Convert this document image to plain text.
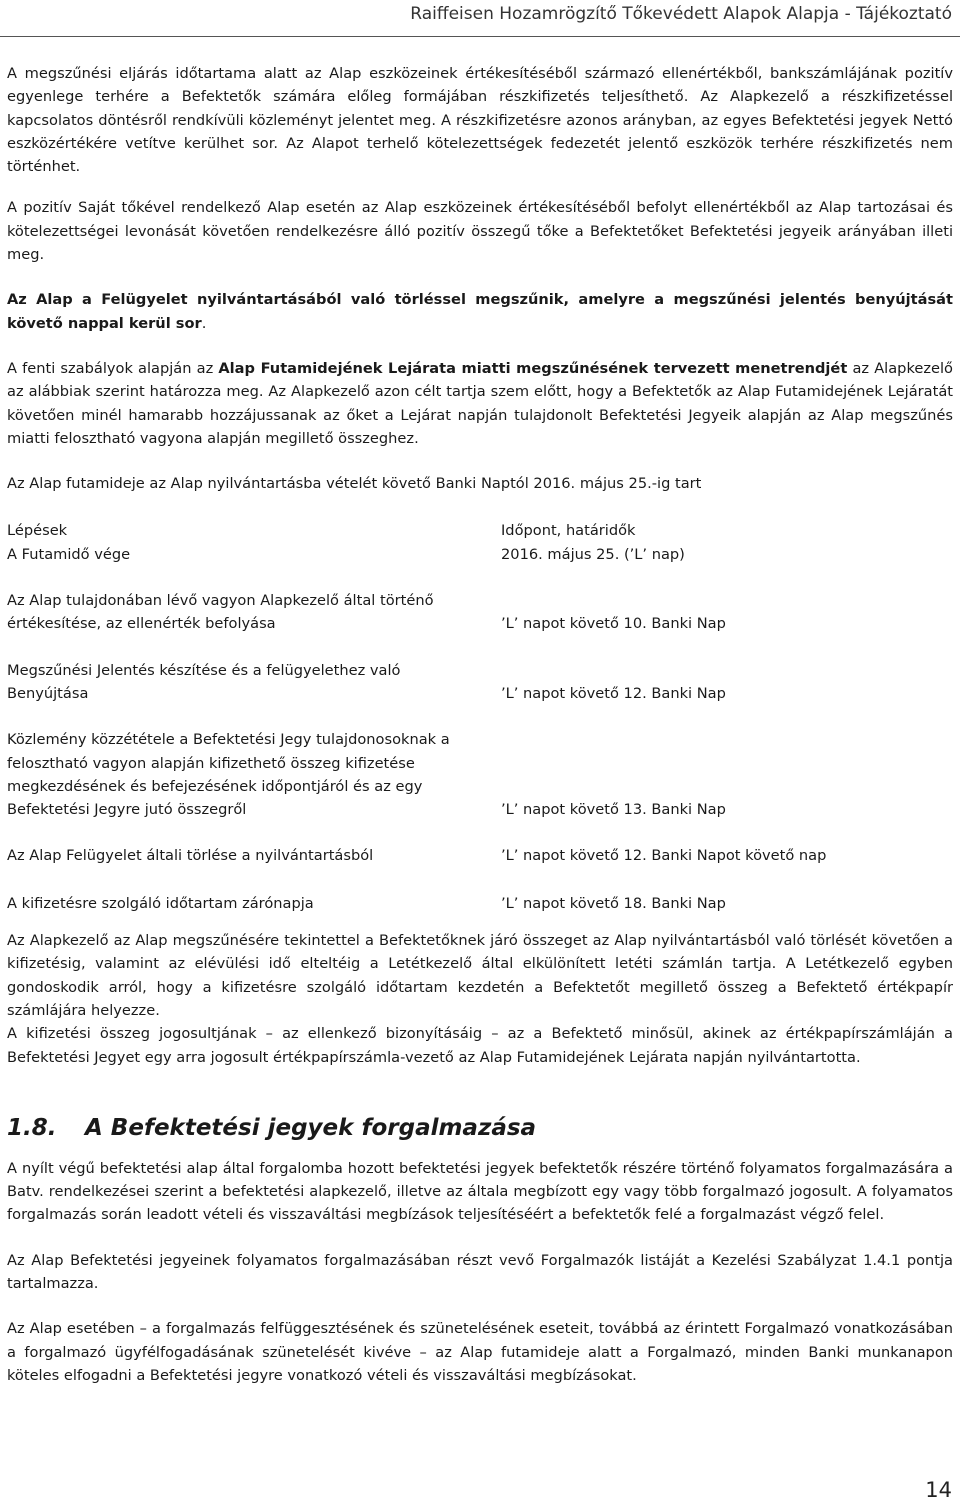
Raiffeisen Hozamrögzítő Tőkevédett Alapok Alapja - Tájékoztató

A megszűnési eljárás időtartama alatt az Alap eszközeinek értékesítéséből származó ellenértékből, bankszámlájának pozitív egyenlege terhére a Befektetők számára előleg formájában részkifizetés teljesíthető. Az Alapkezelő a részkifizetéssel kapcsolatos döntésről rendkívüli közleményt jelentet meg. A részkifizetésre azonos arányban, az egyes Befektetési jegyek Nettó eszközértékére vetítve kerülhet sor. Az Alapot terhelő kötelezettségek fedezetét jelentő eszközök terhére részkifizetés nem történhet.

A pozitív Saját tőkével rendelkező Alap esetén az Alap eszközeinek értékesítéséből befolyt ellenértékből az Alap tartozásai és kötelezettségei levonását követően rendelkezésre álló pozitív összegű tőke a Befektetőket Befektetési jegyeik arányában illeti meg.

Az Alap a Felügyelet nyilvántartásából való törléssel megszűnik, amelyre a megszűnési jelentés benyújtását követő nappal kerül sor.

A fenti szabályok alapján az Alap Futamidejének Lejárata miatti megszűnésének tervezett menetrendjét az Alapkezelő az alábbiak szerint határozza meg. Az Alapkezelő azon célt tartja szem előtt, hogy a Befektetők az Alap Futamidejének Lejáratát követően minél hamarabb hozzájussanak az őket a Lejárat napján tulajdonolt Befektetési Jegyeik alapján az Alap megszűnés miatti felosztható vagyona alapján megillető összeghez.

Az Alap futamideje az Alap nyilvántartásba vételét követő Banki Naptól 2016. május 25.-ig tart

Lépések	Időpont, határidők
A Futamidő vége	2016. május 25. (’L’ nap)
Az Alap tulajdonában lévő vagyon Alapkezelő által történő értékesítése, az ellenérték befolyása	’L’ napot követő 10. Banki Nap
Megszűnési Jelentés készítése és a felügyelethez való Benyújtása	’L’ napot követő 12. Banki Nap
Közlemény közzététele a Befektetési Jegy tulajdonosoknak a felosztható vagyon alapján kifizethető összeg kifizetése megkezdésének és befejezésének időpontjáról és az egy Befektetési Jegyre jutó összegről	’L’ napot követő 13. Banki Nap
Az Alap Felügyelet általi törlése a nyilvántartásból	’L’ napot követő 12. Banki Napot követő nap
A kifizetésre szolgáló időtartam zárónapja	’L’ napot követő 18. Banki Nap

Az Alapkezelő az Alap megszűnésére tekintettel a Befektetőknek járó összeget az Alap nyilvántartásból való törlését követően a kifizetésig, valamint az elévülési idő elteltéig a Letétkezelő által elkülönített letéti számlán tartja. A Letétkezelő egyben gondoskodik arról, hogy a kifizetésre szolgáló időtartam kezdetén a Befektetőt megillető összeg a Befektető értékpapír számlájára helyezze.

A kifizetési összeg jogosultjának – az ellenkező bizonyításáig – az a Befektető minősül, akinek az értékpapírszámláján a Befektetési Jegyet egy arra jogosult értékpapírszámla-vezető az Alap Futamidejének Lejárata napján nyilvántartotta.

1.8. A Befektetési jegyek forgalmazása

A nyílt végű befektetési alap által forgalomba hozott befektetési jegyek befektetők részére történő folyamatos forgalmazására a Batv. rendelkezései szerint a befektetési alapkezelő, illetve az általa megbízott egy vagy több forgalmazó jogosult. A folyamatos forgalmazás során leadott vételi és visszaváltási megbízások teljesítéséért a befektetők felé a forgalmazást végző felel.

Az Alap Befektetési jegyeinek folyamatos forgalmazásában részt vevő Forgalmazók listáját a Kezelési Szabályzat 1.4.1 pontja tartalmazza.

Az Alap esetében – a forgalmazás felfüggesztésének és szünetelésének eseteit, továbbá az érintett Forgalmazó vonatkozásában a forgalmazó ügyfélfogadásának szünetelését kivéve – az Alap futamideje alatt a Forgalmazó, minden Banki munkanapon köteles elfogadni a Befektetési jegyre vonatkozó vételi és visszaváltási megbízásokat.

14
